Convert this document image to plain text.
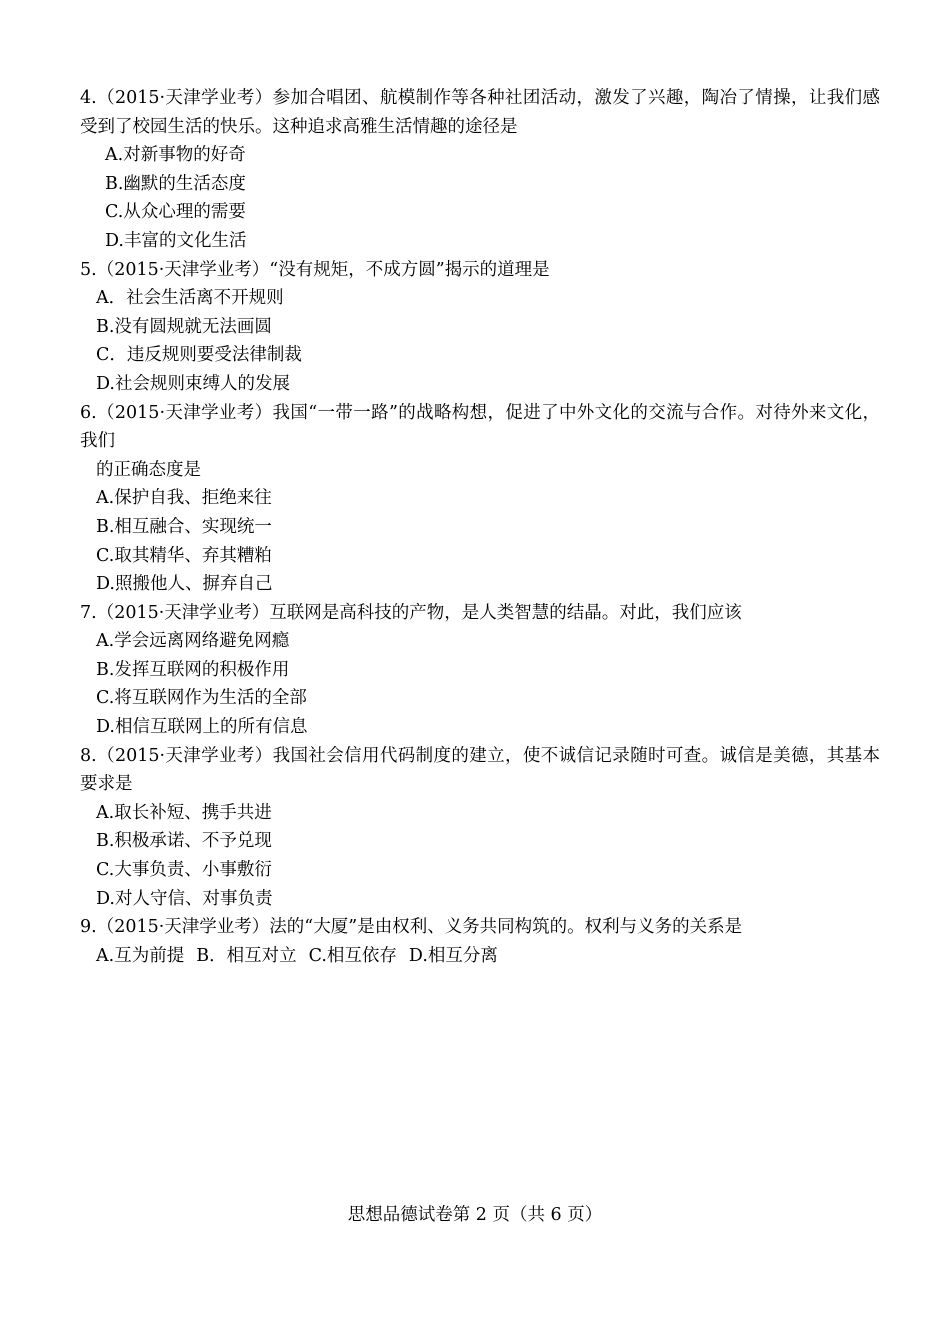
4.（2015·天津学业考）参加合唱团、航模制作等各种社团活动，激发了兴趣，陶冶了情操，让我们感受到了校园生活的快乐。这种追求高雅生活情趣的途径是
A.对新事物的好奇
B.幽默的生活态度
C.从众心理的需要
D.丰富的文化生活
5.（2015·天津学业考）“没有规矩，不成方圆”揭示的道理是
A．社会生活离不开规则
B.没有圆规就无法画圆
C．违反规则要受法律制裁
D.社会规则束缚人的发展
6.（2015·天津学业考）我国“一带一路”的战略构想，促进了中外文化的交流与合作。对待外来文化，我们
的正确态度是
A.保护自我、拒绝来往
B.相互融合、实现统一
C.取其精华、弃其糟粕
D.照搬他人、摒弃自己
7.（2015·天津学业考）互联网是高科技的产物，是人类智慧的结晶。对此，我们应该
A.学会远离网络避免网瘾
B.发挥互联网的积极作用
C.将互联网作为生活的全部
D.相信互联网上的所有信息
8.（2015·天津学业考）我国社会信用代码制度的建立，使不诚信记录随时可查。诚信是美德，其基本要求是
A.取长补短、携手共进
B.积极承诺、不予兑现
C.大事负责、小事敷衍
D.对人守信、对事负责
9.（2015·天津学业考）法的“大厦”是由权利、义务共同构筑的。权利与义务的关系是
A.互为前提 B．相互对立 C.相互依存 D.相互分离
思想品德试卷第 2 页（共 6 页）
